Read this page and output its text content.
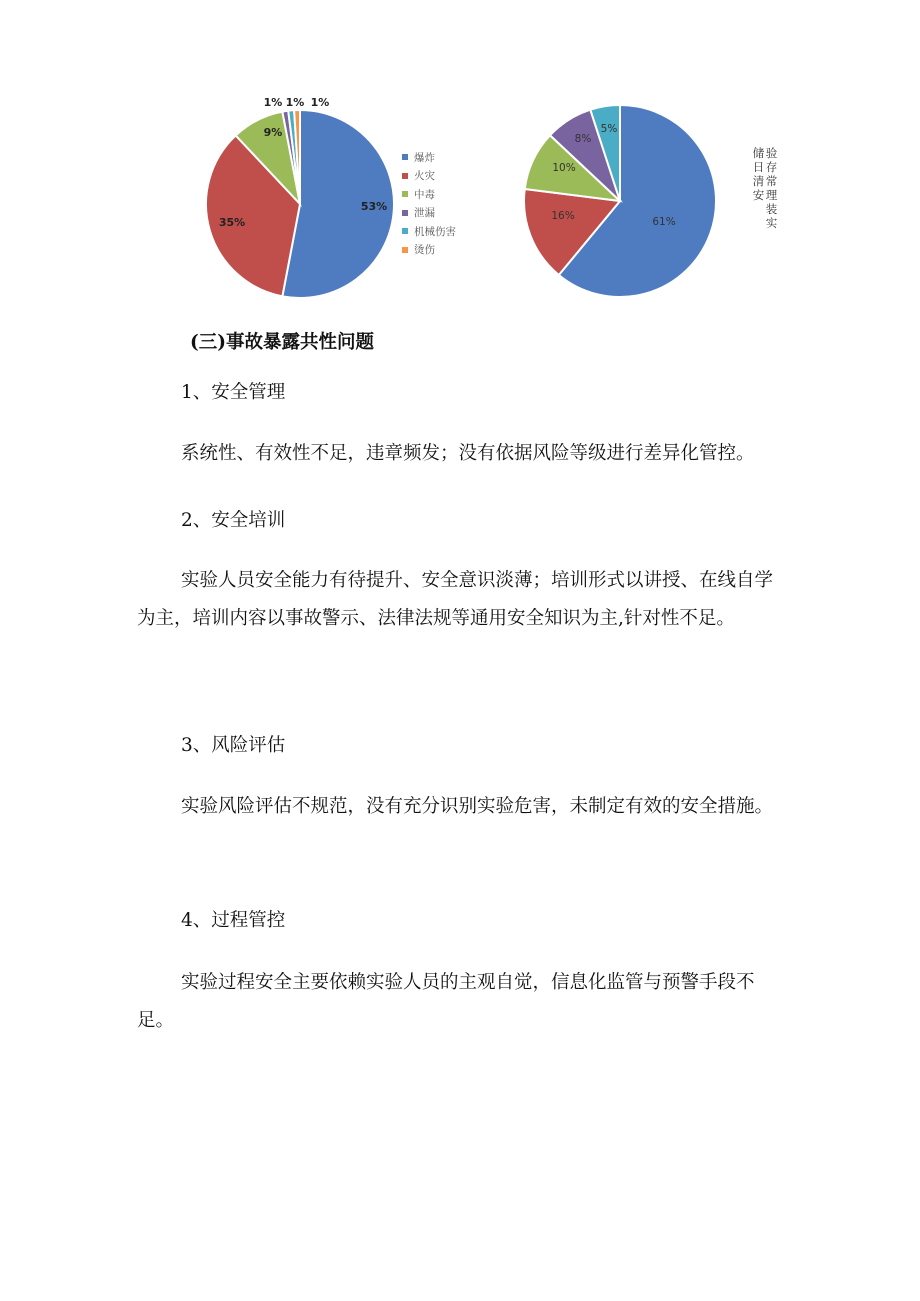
53%
35%
9%
1% 1% 1%
61%
16%
10%
8%
5%
爆炸
火灾
中毒
泄漏
机械伤害
烫伤
验存常理装实
储日清安
(三)事故暴露共性问题
1、安全管理
系统性、有效性不足，违章频发；没有依据风险等级进行差异化管控。
2、安全培训
实验人员安全能力有待提升、安全意识淡薄；培训形式以讲授、在线自学为主，培训内容以事故警示、法律法规等通用安全知识为主,针对性不足。
3、风险评估
实验风险评估不规范，没有充分识别实验危害，未制定有效的安全措施。
4、过程管控
实验过程安全主要依赖实验人员的主观自觉，信息化监管与预警手段不足。
